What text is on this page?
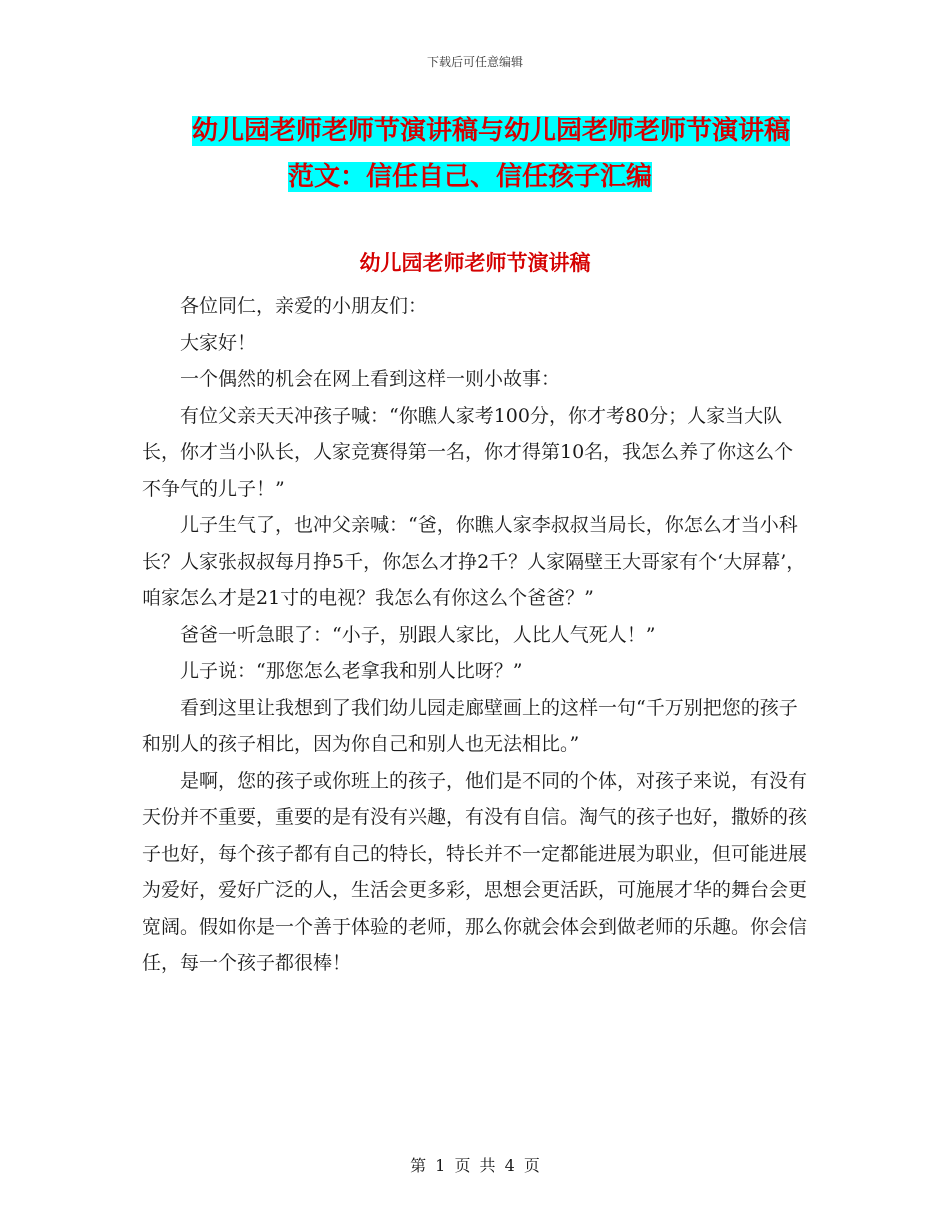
下载后可任意编辑
幼儿园老师老师节演讲稿与幼儿园老师老师节演讲稿
范文：信任自己、信任孩子汇编
幼儿园老师老师节演讲稿

各位同仁，亲爱的小朋友们：

大家好！

一个偶然的机会在网上看到这样一则小故事：

有位父亲天天冲孩子喊：“你瞧人家考100分，你才考80分；人家当大队长，你才当小队长，人家竞赛得第一名，你才得第10名，我怎么养了你这么个不争气的儿子！”

儿子生气了，也冲父亲喊：“爸，你瞧人家李叔叔当局长，你怎么才当小科长？人家张叔叔每月挣5千，你怎么才挣2千？人家隔壁王大哥家有个‘大屏幕’，咱家怎么才是21寸的电视？我怎么有你这么个爸爸？”

爸爸一听急眼了：“小子，别跟人家比，人比人气死人！”

儿子说：“那您怎么老拿我和别人比呀？”

看到这里让我想到了我们幼儿园走廊壁画上的这样一句“千万别把您的孩子和别人的孩子相比，因为你自己和别人也无法相比。”

是啊，您的孩子或你班上的孩子，他们是不同的个体，对孩子来说，有没有天份并不重要，重要的是有没有兴趣，有没有自信。淘气的孩子也好，撒娇的孩子也好，每个孩子都有自己的特长，特长并不一定都能进展为职业，但可能进展为爱好，爱好广泛的人，生活会更多彩，思想会更活跃，可施展才华的舞台会更宽阔。假如你是一个善于体验的老师，那么你就会体会到做老师的乐趣。你会信任，每一个孩子都很棒！

第 1 页 共 4 页
